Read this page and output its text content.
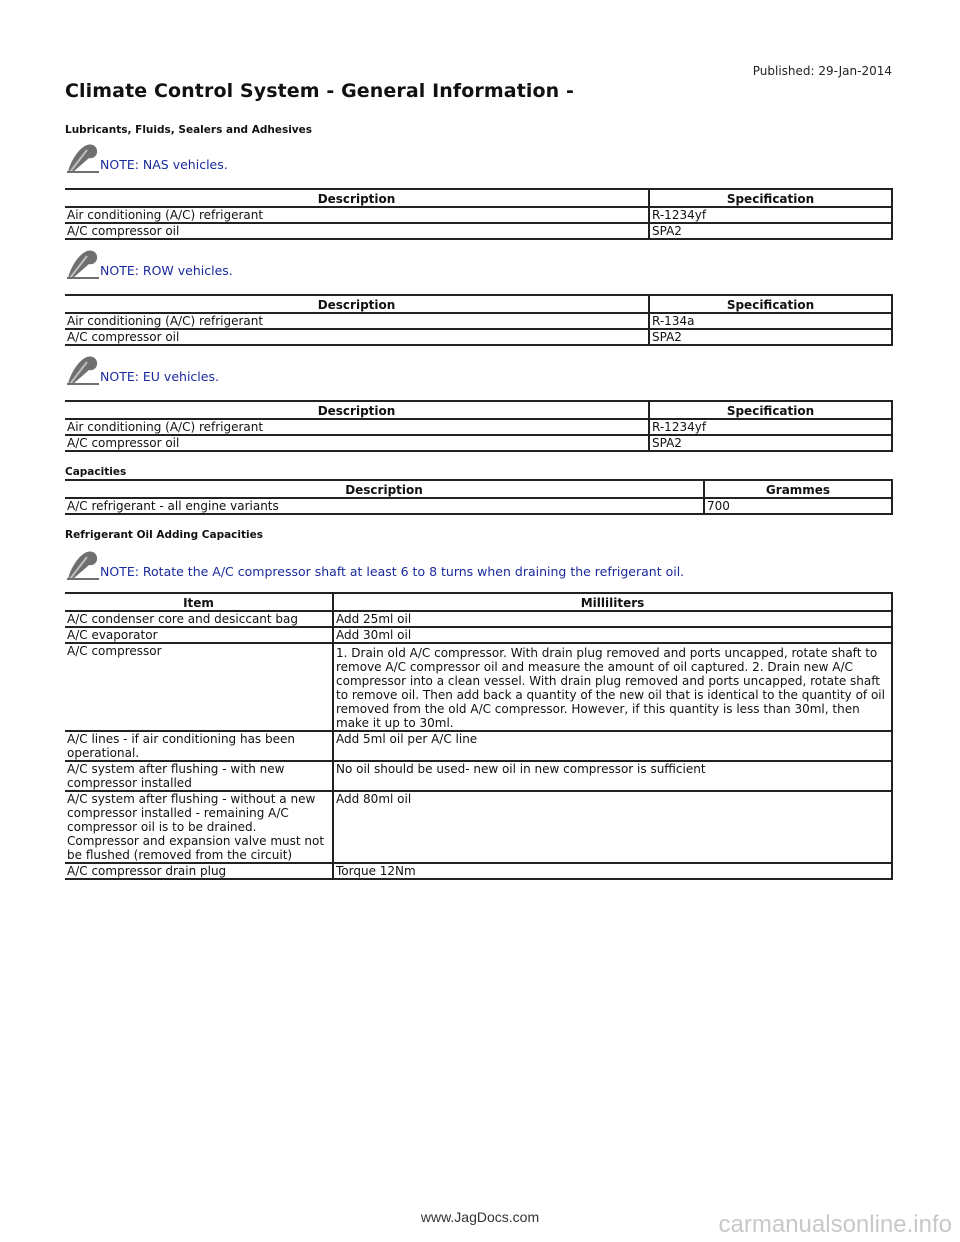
Published: 29-Jan-2014
Climate Control System - General Information -
Lubricants, Fluids, Sealers and Adhesives
NOTE: NAS vehicles.
Description	Specification
Air conditioning (A/C) refrigerant	R-1234yf
A/C compressor oil	SPA2
NOTE: ROW vehicles.
Description	Specification
Air conditioning (A/C) refrigerant	R-134a
A/C compressor oil	SPA2
NOTE: EU vehicles.
Description	Specification
Air conditioning (A/C) refrigerant	R-1234yf
A/C compressor oil	SPA2
Capacities
Description	Grammes
A/C refrigerant - all engine variants	700
Refrigerant Oil Adding Capacities
NOTE: Rotate the A/C compressor shaft at least 6 to 8 turns when draining the refrigerant oil.
Item	Milliliters
A/C condenser core and desiccant bag	Add 25ml oil
A/C evaporator	Add 30ml oil
A/C compressor	1. Drain old A/C compressor. With drain plug removed and ports uncapped, rotate shaft to remove A/C compressor oil and measure the amount of oil captured. 2. Drain new A/C compressor into a clean vessel. With drain plug removed and ports uncapped, rotate shaft to remove oil. Then add back a quantity of the new oil that is identical to the quantity of oil removed from the old A/C compressor. However, if this quantity is less than 30ml, then make it up to 30ml.
A/C lines - if air conditioning has been operational.	Add 5ml oil per A/C line
A/C system after flushing - with new compressor installed	No oil should be used- new oil in new compressor is sufficient
A/C system after flushing - without a new compressor installed - remaining A/C compressor oil is to be drained. Compressor and expansion valve must not be flushed (removed from the circuit)	Add 80ml oil
A/C compressor drain plug	Torque 12Nm
www.JagDocs.com	carmanualsonline.info
